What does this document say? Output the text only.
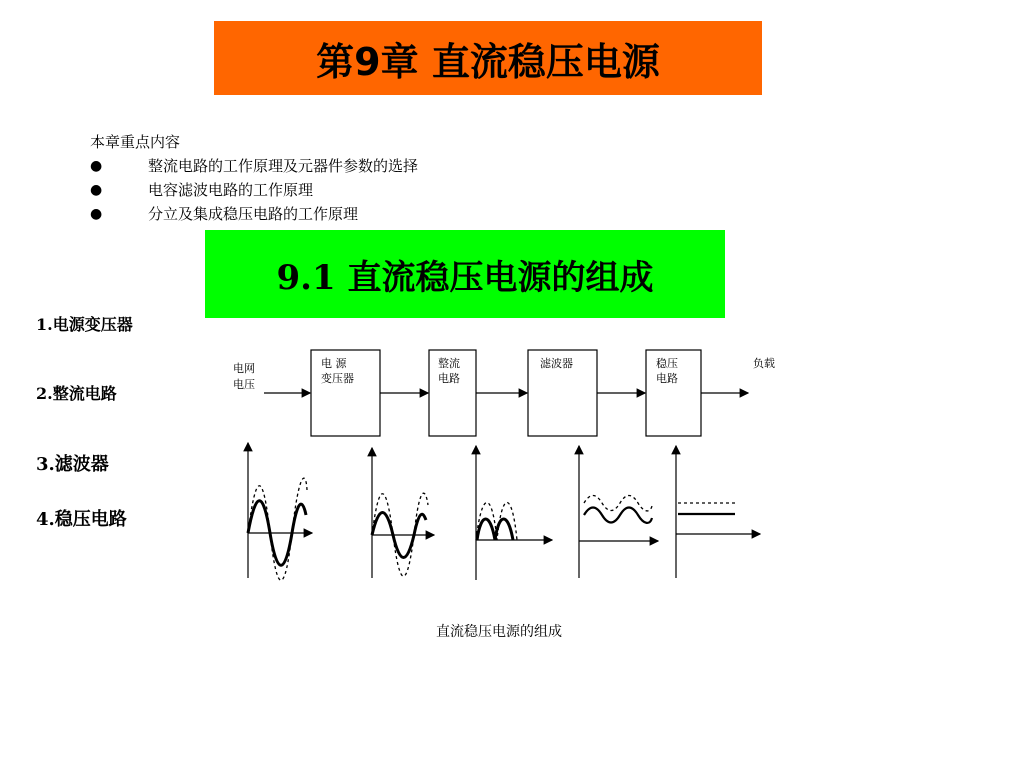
第9章 直流稳压电源
本章重点内容
●	整流电路的工作原理及元器件参数的选择
●	电容滤波电路的工作原理
●	分立及集成稳压电路的工作原理
9.1 直流稳压电源的组成
1.电源变压器
2.整流电路
3.滤波器
4.稳压电路
电网
电压
电 源
变压器
整流
电路
滤波器	稳压
电路
负载
直流稳压电源的组成
